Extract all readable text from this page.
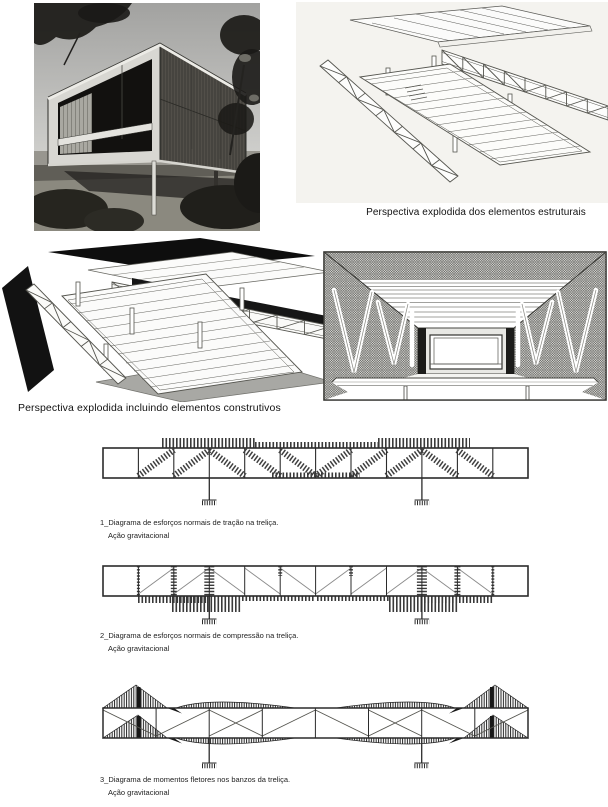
Perspectiva explodida dos elementos estruturais
Perspectiva explodida incluindo elementos construtivos
1_Diagrama de esforços normais de tração na treliça.
Ação gravitacional
2_Diagrama de esforços normais de compressão na treliça.
Ação gravitacional
3_Diagrama de momentos fletores nos banzos da treliça.
Ação gravitacional
